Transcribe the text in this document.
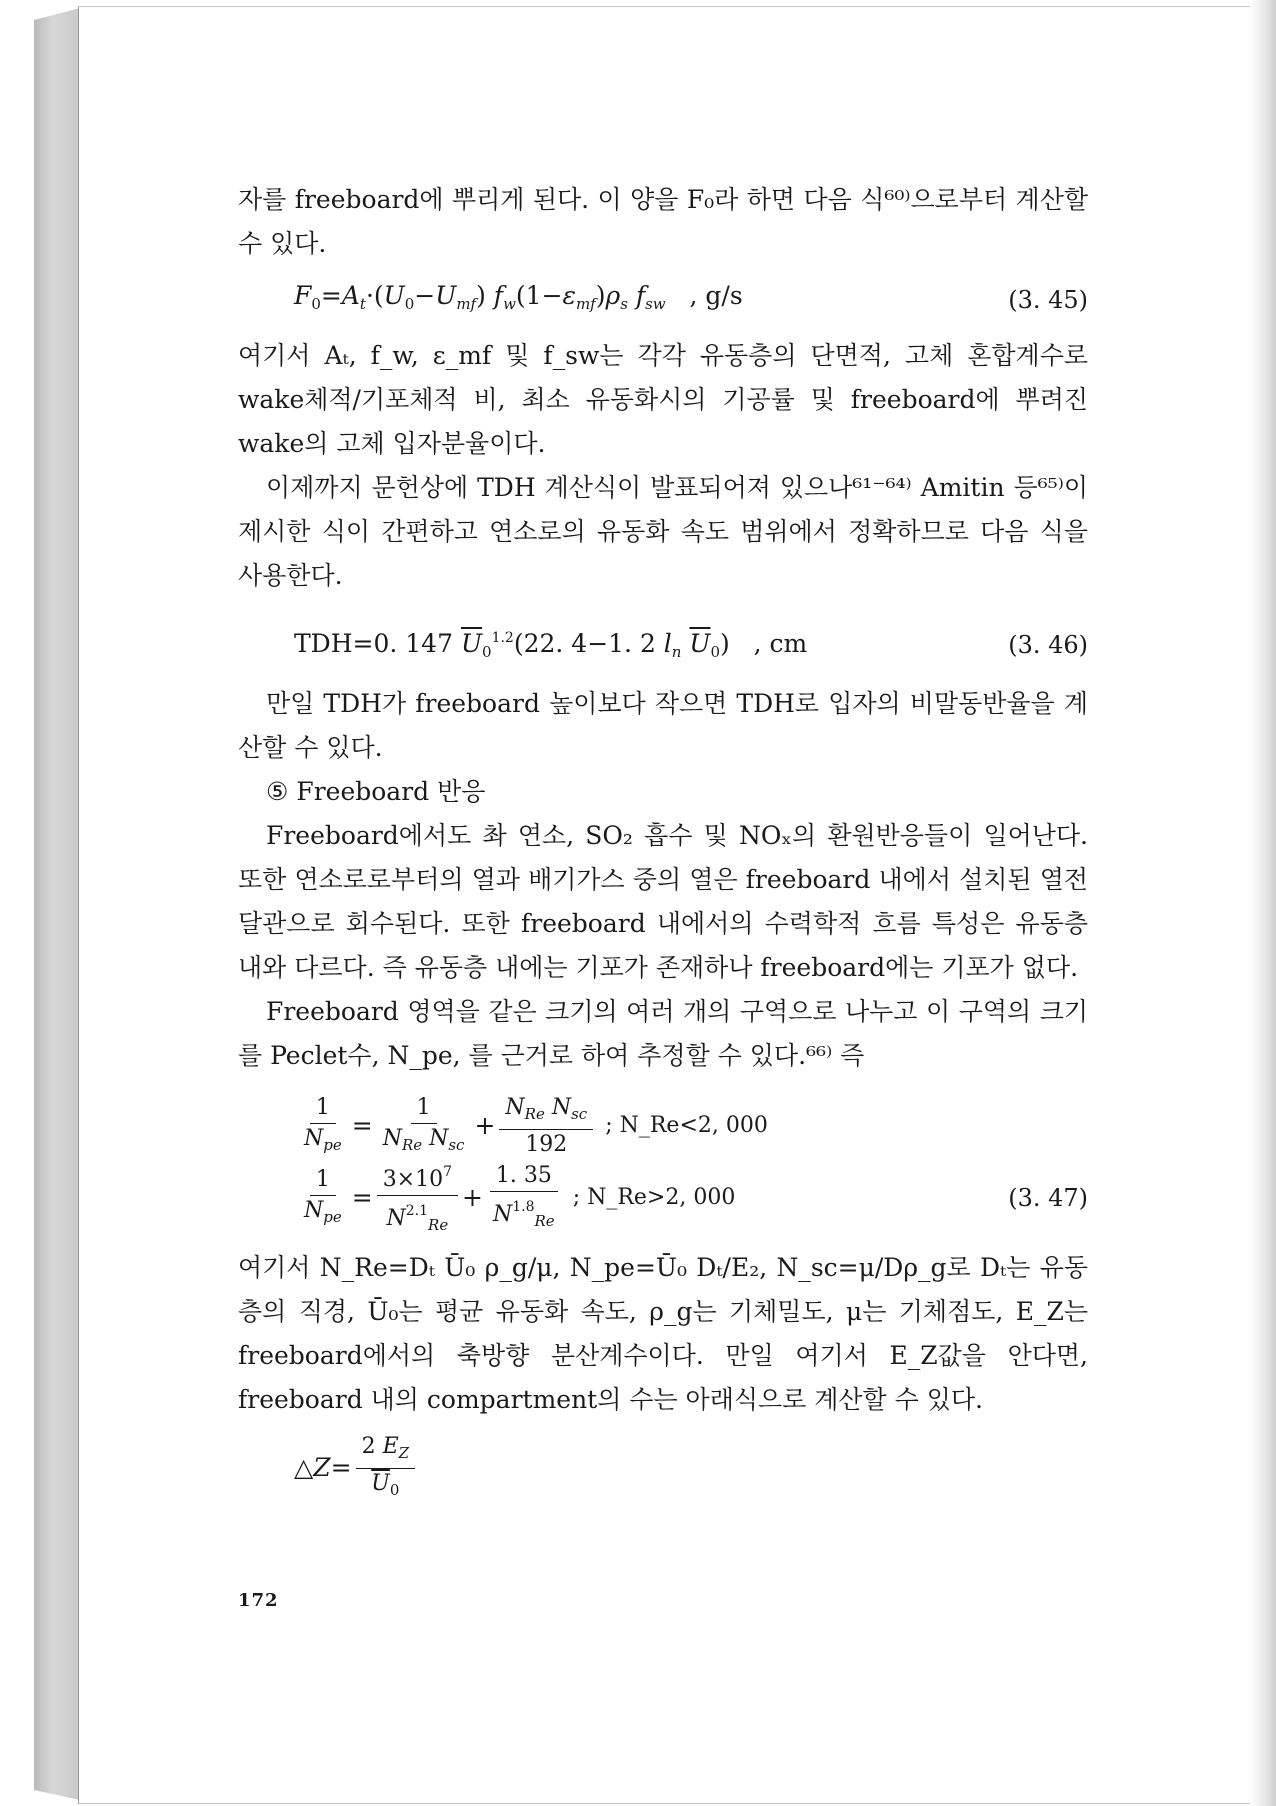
자를 freeboard에 뿌리게 된다. 이 양을 F₀라 하면 다음 식⁶⁰⁾으로부터 계산할 수 있다.

$F_0=A_t\cdot(U_0-U_{mf})$ $f_w(1-\varepsilon_{mf})\rho_s$ $f_{sw}$ , g/s	(3. 45)

여기서 Aₜ, f_w, ε_mf 및 f_sw는 각각 유동층의 단면적, 고체 혼합계수로 wake체적/기포체적 비, 최소 유동화시의 기공률 및 freeboard에 뿌려진 wake의 고체 입자분율이다.

이제까지 문헌상에 TDH 계산식이 발표되어져 있으나⁶¹⁻⁶⁴⁾ Amitin 등⁶⁵⁾이 제시한 식이 간편하고 연소로의 유동화 속도 범위에서 정확하므로 다음 식을 사용한다.

TDH=0. 147 $\overline{U}_0^{1.2}(22$. 4−1. 2 $l_n$ $\overline{U}_0$)   , cm	(3. 46)

만일 TDH가 freeboard 높이보다 작으면 TDH로 입자의 비말동반율을 계산할 수 있다.

⑤ Freeboard 반응

Freeboard에서도 촤 연소, SO₂ 흡수 및 NOₓ의 환원반응들이 일어난다. 또한 연소로로부터의 열과 배기가스 중의 열은 freeboard 내에서 설치된 열전달관으로 회수된다. 또한 freeboard 내에서의 수력학적 흐름 특성은 유동층 내와 다르다. 즉 유동층 내에는 기포가 존재하나 freeboard에는 기포가 없다.

Freeboard 영역을 같은 크기의 여러 개의 구역으로 나누고 이 구역의 크기를 Peclet수, N_pe, 를 근거로 하여 추정할 수 있다.⁶⁶⁾ 즉

$\frac{1}{N_{pe}} = \frac{1}{N_{Re} N_{sc}} + \frac{N_{Re} N_{sc}}{192}$ ; N_Re<2, 000
$\frac{1}{N_{pe}} = \frac{3\times 10^7}{N^{2.1}_{Re}} + \frac{1. 35}{N^{1.8}_{Re}}$ ; N_Re>2, 000	(3. 47)

여기서 N_Re=Dₜ Ū₀ ρ_g/μ, N_pe=Ū₀ Dₜ/E₂, N_sc=μ/Dρ_g로 Dₜ는 유동층의 직경, Ū₀는 평균 유동화 속도, ρ_g는 기체밀도, μ는 기체점도, E_Z는 freeboard에서의 축방향 분산계수이다. 만일 여기서 E_Z값을 안다면, freeboard 내의 compartment의 수는 아래식으로 계산할 수 있다.

△Z= $\frac{2 E_Z}{\overline{U}_0}$
172
